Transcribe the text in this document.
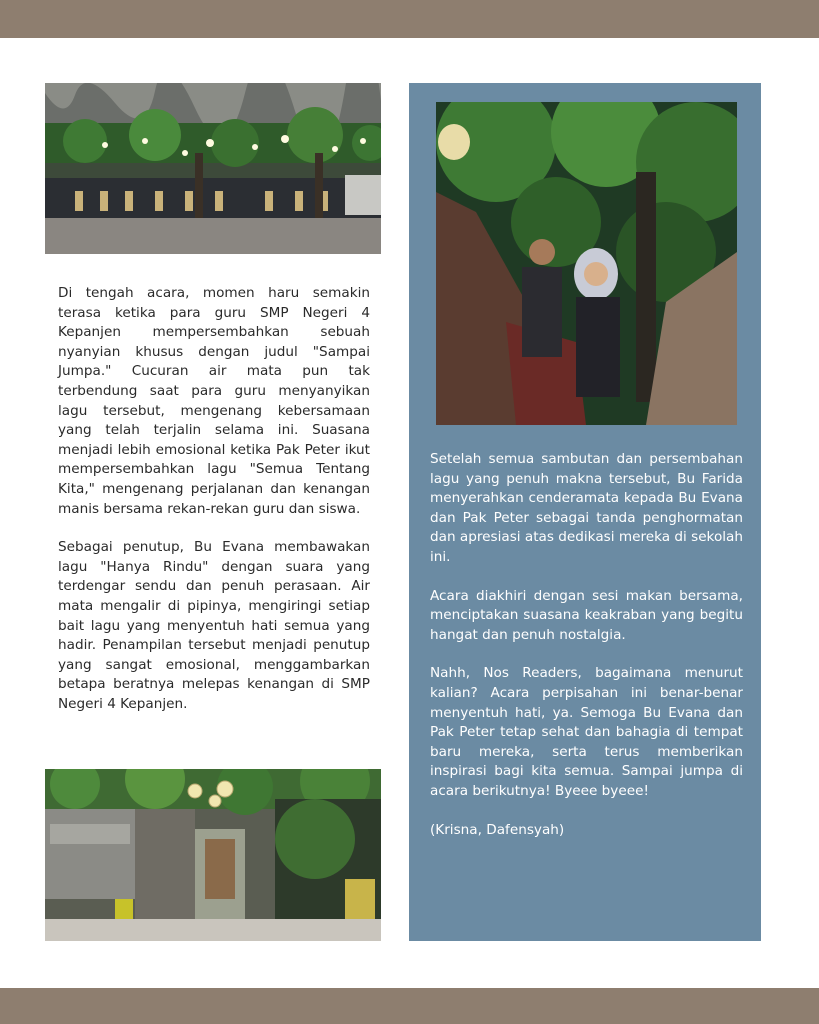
Di tengah acara, momen haru semakin terasa ketika para guru SMP Negeri 4 Kepanjen mempersembahkan sebuah nyanyian khusus dengan judul "Sampai Jumpa." Cucuran air mata pun tak terbendung saat para guru menyanyikan lagu tersebut, mengenang kebersamaan yang telah terjalin selama ini. Suasana menjadi lebih emosional ketika Pak Peter ikut mempersembahkan lagu "Semua Tentang Kita," mengenang perjalanan dan kenangan manis bersama rekan-rekan guru dan siswa.

Sebagai penutup, Bu Evana membawakan lagu "Hanya Rindu" dengan suara yang terdengar sendu dan penuh perasaan. Air mata mengalir di pipinya, mengiringi setiap bait lagu yang menyentuh hati semua yang hadir. Penampilan tersebut menjadi penutup yang sangat emosional, menggambarkan betapa beratnya melepas kenangan di SMP Negeri 4 Kepanjen.

Setelah semua sambutan dan persembahan lagu yang penuh makna tersebut, Bu Farida menyerahkan cenderamata kepada Bu Evana dan Pak Peter sebagai tanda penghormatan dan apresiasi atas dedikasi mereka di sekolah ini.

Acara diakhiri dengan sesi makan bersama, menciptakan suasana keakraban yang begitu hangat dan penuh nostalgia.

Nahh, Nos Readers, bagaimana menurut kalian? Acara perpisahan ini benar-benar menyentuh hati, ya. Semoga Bu Evana dan Pak Peter tetap sehat dan bahagia di tempat baru mereka, serta terus memberikan inspirasi bagi kita semua. Sampai jumpa di acara berikutnya! Byeee byeee!

(Krisna, Dafensyah)
